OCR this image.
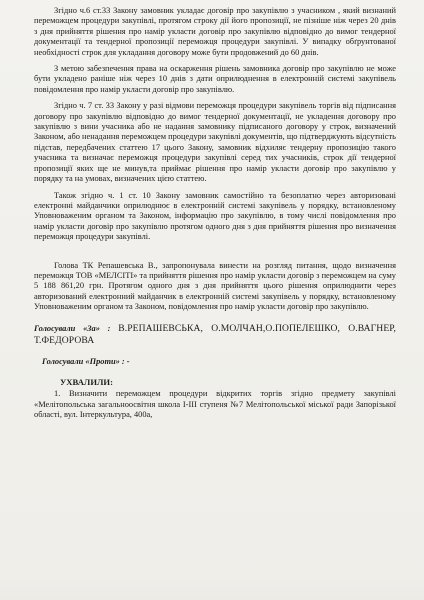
Згідно ч.6 ст.33 Закону замовник укладає договір про закупівлю з учасником , який визнаний переможцем процедури закупівлі, протягом строку дії його пропозиції, не пізніше ніж через 20 днів з дня прийняття рішення про намір укласти договір про закупівлю відповідно до вимог тендерної документації та тендерної пропозиції переможця процедури закупівлі. У випадку обґрунтованої необхідності строк для укладання договору може бути продовжений до 60 днів.

З метою забезпечення права на оскарження рішень замовника договір про закупівлю не може бути укладено раніше ніж через 10 днів з дати оприлюднення в електронній системі закупівель повідомлення про намір укласти договір про закупівлю.

Згідно ч. 7 ст. 33 Закону у разі відмови переможця процедури закупівель торгів від підписання договору про закупівлю відповідно до вимог тендерної документації, не укладення договору про закупівлю з вини учасника або не надання замовнику підписаного договору у строк, визначений Законом, або ненадання переможцем процедури закупівлі документів, що підтверджують відсутність підстав, передбачених статтею 17 цього Закону, замовник відхиляє тендерну пропозицію такого учасника та визначає переможця процедури закупівлі серед тих учасників, строк дії тендерної пропозиції яких ще не минув,та приймає рішення про намір укласти договір про закупівлю у порядку та на умовах, визначених цією статтею.

Також згідно ч. 1 ст. 10 Закону замовник самостійно та безоплатно через авторизовані електронні майданчики оприлюднює в електронній системі закупівель у порядку, встановленому Уповноваженим органом та Законом, інформацію про закупівлю, в тому числі повідомлення про намір укласти договір про закупівлю протягом одного дня з дня прийняття рішення про визначення переможця процедури закупівлі.

Голова ТК Репашевська В., запропонувала винести на розгляд питання, щодо визначення переможця ТОВ «МЕЛСІТІ» та прийняття рішення про намір укласти договір з переможцем на суму 5 188 861,20 грн. Протягом одного дня з дня прийняття цього рішення оприлюднити через авторизований електронний майданчик в електронній системі закупівель у порядку, встановленому Уповноваженим органом та Законом, повідомлення про намір укласти договір про закупівлю.

Голосували «За» : В.РЕПАШЕВСЬКА, О.МОЛЧАН,О.ПОПЕЛЕШКО, О.ВАГНЕР, Т.ФЕДОРОВА

Голосували «Проти» : -

УХВАЛИЛИ:

1. Визначити переможцем процедури відкритих торгів згідно предмету закупівлі «Мелітопольська загальноосвітня школа І-ІІІ ступеня №7 Мелітопольської міської ради Запорізької області, вул. Інтеркультура, 400а,
